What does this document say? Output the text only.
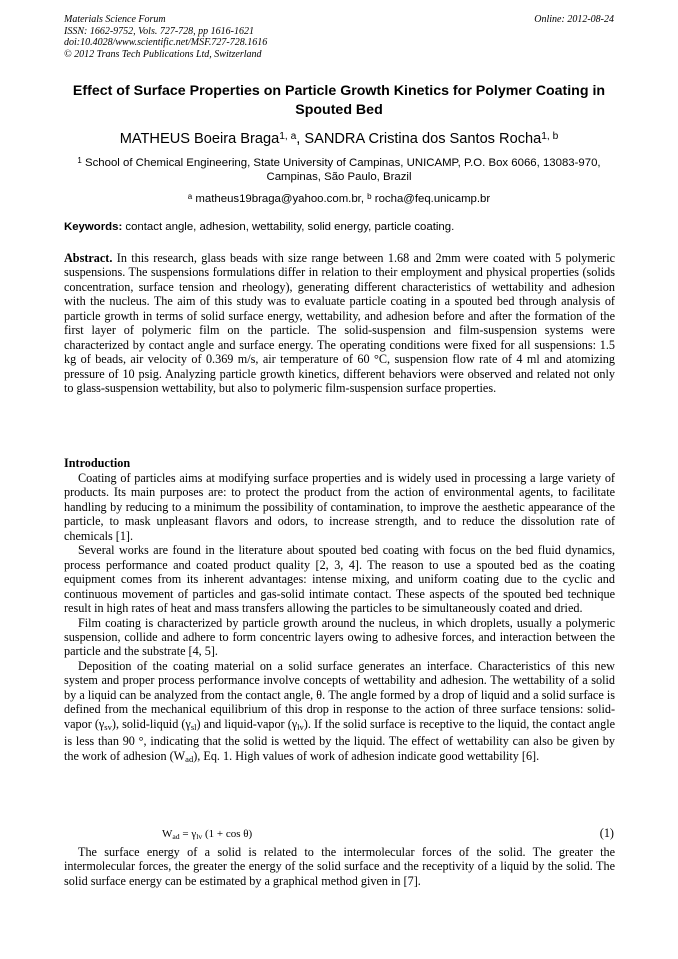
Materials Science Forum
ISSN: 1662-9752, Vols. 727-728, pp 1616-1621
doi:10.4028/www.scientific.net/MSF.727-728.1616
© 2012 Trans Tech Publications Ltd, Switzerland
Online: 2012-08-24
Effect of Surface Properties on Particle Growth Kinetics for Polymer Coating in Spouted Bed
MATHEUS Boeira Braga$^{1, a}$, SANDRA Cristina dos Santos Rocha$^{1, b}$
$^1$ School of Chemical Engineering, State University of Campinas, UNICAMP, P.O. Box 6066, 13083-970, Campinas, São Paulo, Brazil
$^a$ matheus19braga@yahoo.com.br, $^b$ rocha@feq.unicamp.br
Keywords: contact angle, adhesion, wettability, solid energy, particle coating.
Abstract. In this research, glass beads with size range between 1.68 and 2mm were coated with 5 polymeric suspensions. The suspensions formulations differ in relation to their employment and physical properties (solids concentration, surface tension and rheology), generating different characteristics of wettability and adhesion with the nucleus. The aim of this study was to evaluate particle coating in a spouted bed through analysis of particle growth in terms of solid surface energy, wettability, and adhesion before and after the formation of the first layer of polymeric film on the particle. The solid-suspension and film-suspension systems were characterized by contact angle and surface energy. The operating conditions were fixed for all suspensions: 1.5 kg of beads, air velocity of 0.369 m/s, air temperature of 60 °C, suspension flow rate of 4 ml and atomizing pressure of 10 psig. Analyzing particle growth kinetics, different behaviors were observed and related not only to glass-suspension wettability, but also to polymeric film-suspension surface properties.
Introduction

Coating of particles aims at modifying surface properties and is widely used in processing a large variety of products. Its main purposes are: to protect the product from the action of environmental agents, to facilitate handling by reducing to a minimum the possibility of contamination, to improve the aesthetic appearance of the particle, to mask unpleasant flavors and odors, to increase strength, and to reduce the dissolution rate of chemicals [1].

Several works are found in the literature about spouted bed coating with focus on the bed fluid dynamics, process performance and coated product quality [2, 3, 4]. The reason to use a spouted bed as the coating equipment comes from its inherent advantages: intense mixing, and uniform coating due to the cyclic and continuous movement of particles and gas-solid intimate contact. These aspects of the spouted bed technique result in high rates of heat and mass transfers allowing the particles to be simultaneously coated and dried.

Film coating is characterized by particle growth around the nucleus, in which droplets, usually a polymeric suspension, collide and adhere to form concentric layers owing to adhesive forces, and interaction between the particle and the substrate [4, 5].

Deposition of the coating material on a solid surface generates an interface. Characteristics of this new system and proper process performance involve concepts of wettability and adhesion. The wettability of a solid by a liquid can be analyzed from the contact angle, θ. The angle formed by a drop of liquid and a solid surface is defined from the mechanical equilibrium of this drop in response to the action of three surface tensions: solid-vapor $(\gamma_{sv})$, solid-liquid $(\gamma_{sl})$ and liquid-vapor $(\gamma_{lv})$. If the solid surface is receptive to the liquid, the contact angle is less than 90 °, indicating that the solid is wetted by the liquid. The effect of wettability can also be given by the work of adhesion $(W_{ad})$, Eq. 1. High values of work of adhesion indicate good wettability [6].

$W_{ad} = \gamma_{lv}$ (1 + cos θ)	(1)

The surface energy of a solid is related to the intermolecular forces of the solid. The greater the intermolecular forces, the greater the energy of the solid surface and the receptivity of a liquid by the solid. The solid surface energy can be estimated by a graphical method given in [7].
